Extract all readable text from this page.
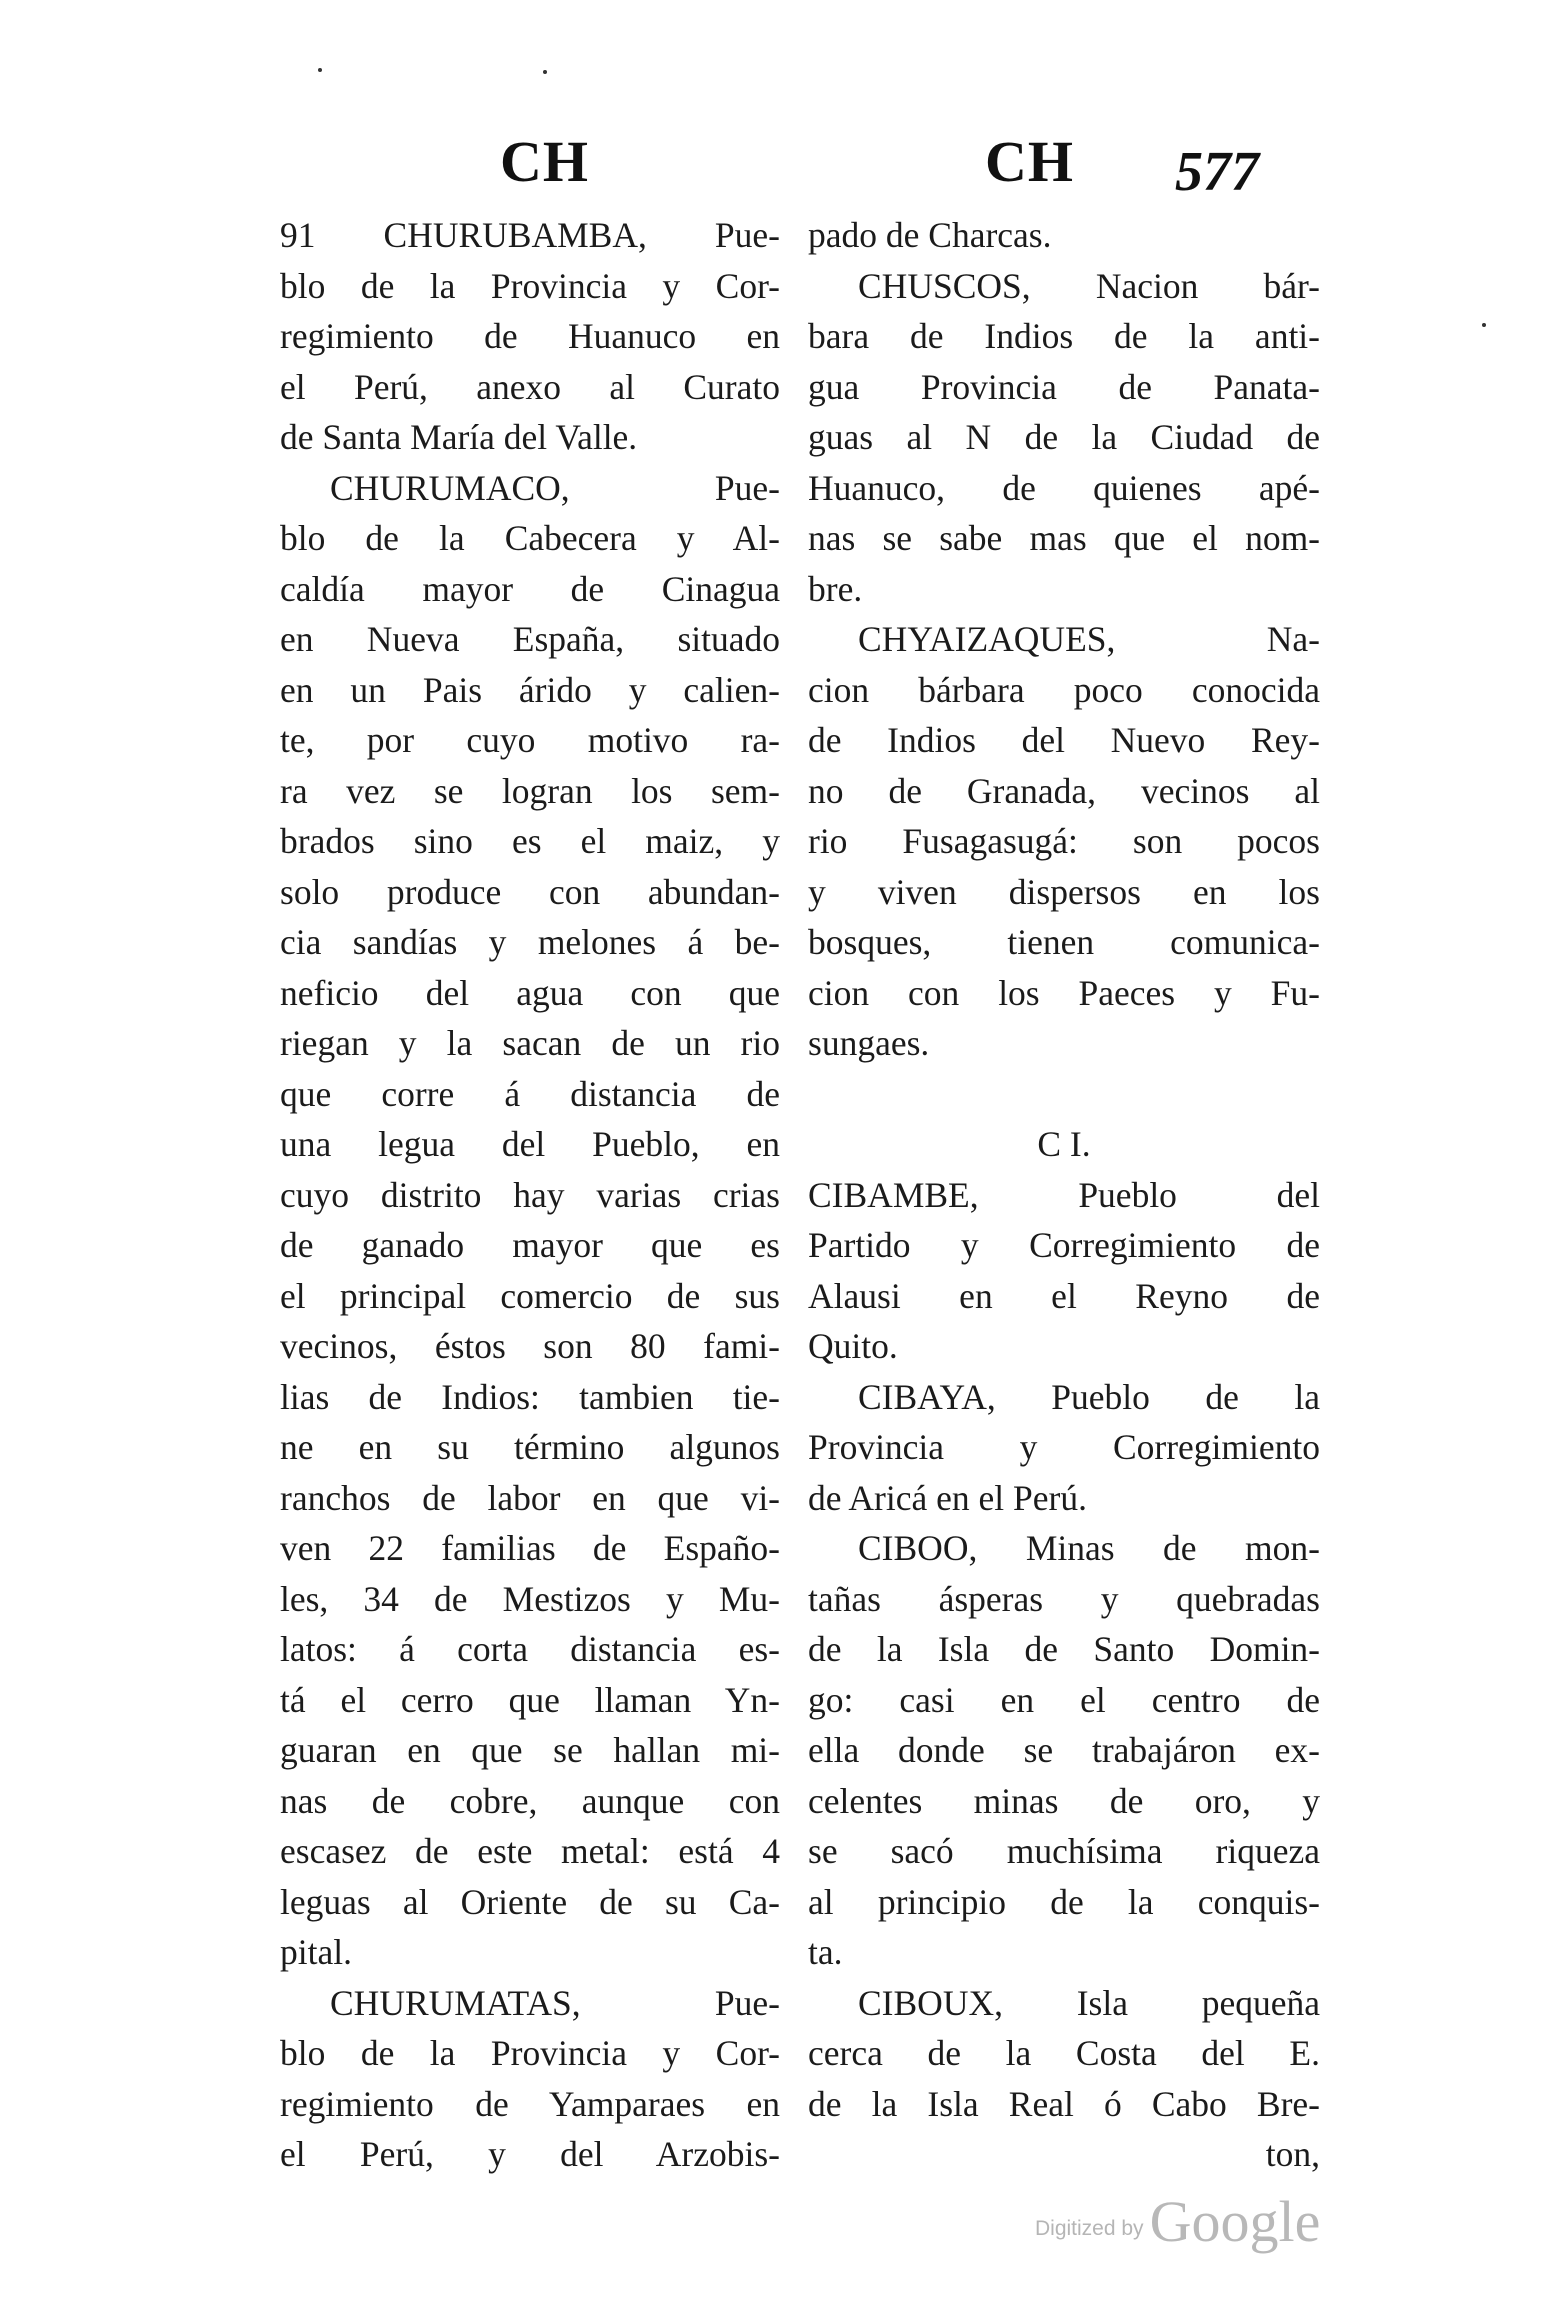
CH	CH 577
91 CHURUBAMBA, Pue-
blo de la Provincia y Cor-
regimiento de Huanuco en
el Perú, anexo al Curato
de Santa María del Valle.
CHURUMACO, Pue-
blo de la Cabecera y Al-
caldía mayor de Cinagua
en Nueva España, situado
en un Pais árido y calien-
te, por cuyo motivo ra-
ra vez se logran los sem-
brados sino es el maiz, y
solo produce con abundan-
cia sandías y melones á be-
neficio del agua con que
riegan y la sacan de un rio
que corre á distancia de
una legua del Pueblo, en
cuyo distrito hay varias crias
de ganado mayor que es
el principal comercio de sus
vecinos, éstos son 80 fami-
lias de Indios: tambien tie-
ne en su término algunos
ranchos de labor en que vi-
ven 22 familias de Españo-
les, 34 de Mestizos y Mu-
latos: á corta distancia es-
tá el cerro que llaman Yn-
guaran en que se hallan mi-
nas de cobre, aunque con
escasez de este metal: está 4
leguas al Oriente de su Ca-
pital.
CHURUMATAS, Pue-
blo de la Provincia y Cor-
regimiento de Yamparaes en
el Perú, y del Arzobis-
pado de Charcas.
CHUSCOS, Nacion bár-
bara de Indios de la anti-
gua Provincia de Panata-
guas al N de la Ciudad de
Huanuco, de quienes apé-
nas se sabe mas que el nom-
bre.
CHYAIZAQUES, Na-
cion bárbara poco conocida
de Indios del Nuevo Rey-
no de Granada, vecinos al
rio Fusagasugá: son pocos
y viven dispersos en los
bosques, tienen comunica-
cion con los Paeces y Fu-
sungaes.
C I.
CIBAMBE, Pueblo del
Partido y Corregimiento de
Alausi en el Reyno de
Quito.
CIBAYA, Pueblo de la
Provincia y Corregimiento
de Aricá en el Perú.
CIBOO, Minas de mon-
tañas ásperas y quebradas
de la Isla de Santo Domin-
go: casi en el centro de
ella donde se trabajáron ex-
celentes minas de oro, y
se sacó muchísima riqueza
al principio de la conquis-
ta.
CIBOUX, Isla pequeña
cerca de la Costa del E.
de la Isla Real ó Cabo Bre-
ton,
Digitized by Google
